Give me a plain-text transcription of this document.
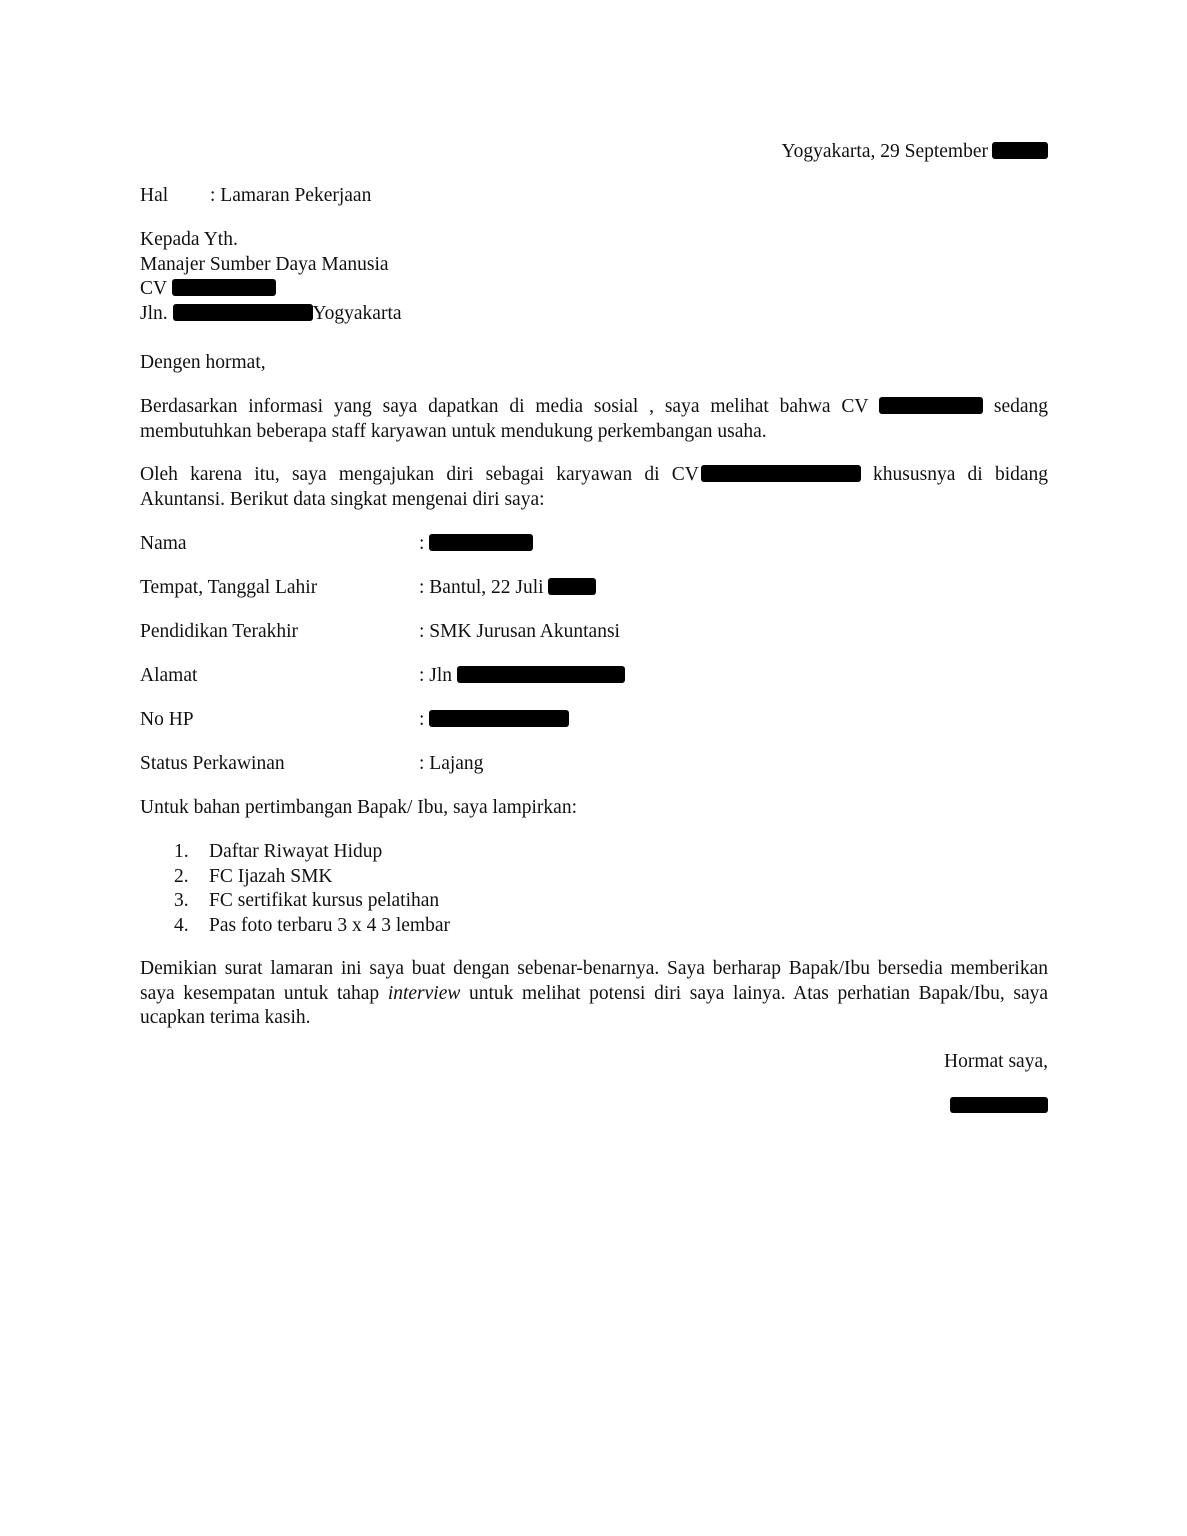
Yogyakarta, 29 September
Hal : Lamaran Pekerjaan
Kepada Yth.
Manajer Sumber Daya Manusia
CV
Jln.	Yogyakarta
Dengen hormat,
Berdasarkan informasi yang saya dapatkan di media sosial , saya melihat bahwa CV	sedang membutuhkan beberapa staff karyawan untuk mendukung perkembangan usaha.
Oleh karena itu, saya mengajukan diri sebagai karyawan di CV	khususnya di bidang Akuntansi. Berikut data singkat mengenai diri saya:
Nama	:
Tempat, Tanggal Lahir	: Bantul, 22 Juli
Pendidikan Terakhir	: SMK Jurusan Akuntansi
Alamat	: Jln
No HP	:
Status Perkawinan	: Lajang
Untuk bahan pertimbangan Bapak/ Ibu, saya lampirkan:
1. Daftar Riwayat Hidup
2. FC Ijazah SMK
3. FC sertifikat kursus pelatihan
4. Pas foto terbaru 3 x 4 3 lembar
Demikian surat lamaran ini saya buat dengan sebenar-benarnya. Saya berharap Bapak/Ibu bersedia memberikan saya kesempatan untuk tahap interview untuk melihat potensi diri saya lainya. Atas perhatian Bapak/Ibu, saya ucapkan terima kasih.
Hormat saya,
